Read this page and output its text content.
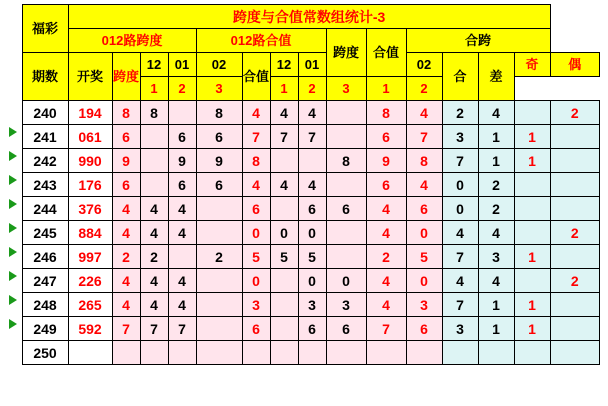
	福彩	跨度与合值常数组统计-3														
		012路跨度				012路合值				跨度	合值	合跨				
	期数	开奖	跨度	12	01	02	合值	12	01			02	合	差	奇	偶
				1	2	3		1	2	3	1	2				
	240	194	8	8		8	4	4	4		8	4	2	4		2

	241	061	6		6	6	7	7	7		6	7	3	1	1	

	242	990	9		9	9	8			8	9	8	7	1	1	

	243	176	6		6	6	4	4	4		6	4	0	2		

	244	376	4	4	4		6		6	6	4	6	0	2		

	245	884	4	4	4		0	0	0		4	0	4	4		2

	246	997	2	2		2	5	5	5		2	5	7	3	1	

	247	226	4	4	4		0		0	0	4	0	4	4		2

	248	265	4	4	4		3		3	3	4	3	7	1	1	

	249	592	7	7	7		6		6	6	7	6	3	1	1	
	250															
